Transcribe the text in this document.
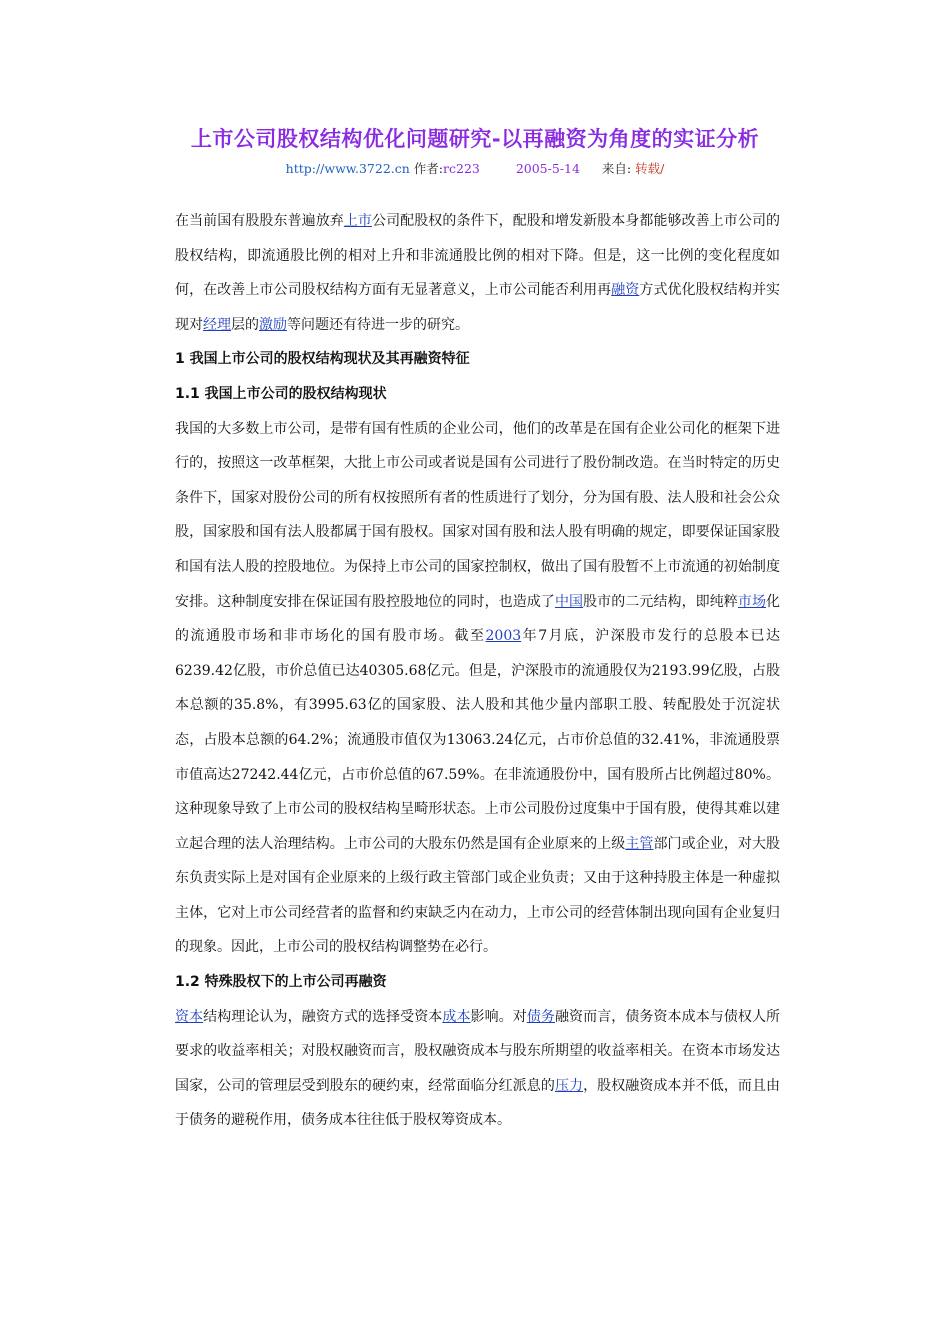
上市公司股权结构优化问题研究-以再融资为角度的实证分析
http://www.3722.cn 作者:rc223	2005-5-14 来自: 转载/

在当前国有股股东普遍放弃上市公司配股权的条件下，配股和增发新股本身都能够改善上市公司的股权结构，即流通股比例的相对上升和非流通股比例的相对下降。但是，这一比例的变化程度如何，在改善上市公司股权结构方面有无显著意义，上市公司能否利用再融资方式优化股权结构并实现对经理层的激励等问题还有待进一步的研究。

1 我国上市公司的股权结构现状及其再融资特征
1.1 我国上市公司的股权结构现状

我国的大多数上市公司，是带有国有性质的企业公司，他们的改革是在国有企业公司化的框架下进行的，按照这一改革框架，大批上市公司或者说是国有公司进行了股份制改造。在当时特定的历史条件下，国家对股份公司的所有权按照所有者的性质进行了划分，分为国有股、法人股和社会公众股，国家股和国有法人股都属于国有股权。国家对国有股和法人股有明确的规定，即要保证国家股和国有法人股的控股地位。为保持上市公司的国家控制权，做出了国有股暂不上市流通的初始制度安排。这种制度安排在保证国有股控股地位的同时，也造成了中国股市的二元结构，即纯粹市场化的流通股市场和非市场化的国有股市场。截至2003年7月底，沪深股市发行的总股本已达6239.42亿股，市价总值已达40305.68亿元。但是，沪深股市的流通股仅为2193.99亿股，占股本总额的35.8%，有3995.63亿的国家股、法人股和其他少量内部职工股、转配股处于沉淀状态，占股本总额的64.2%；流通股市值仅为13063.24亿元，占市价总值的32.41%，非流通股票市值高达27242.44亿元，占市价总值的67.59%。在非流通股份中，国有股所占比例超过80%。这种现象导致了上市公司的股权结构呈畸形状态。上市公司股份过度集中于国有股，使得其难以建立起合理的法人治理结构。上市公司的大股东仍然是国有企业原来的上级主管部门或企业，对大股东负责实际上是对国有企业原来的上级行政主管部门或企业负责；又由于这种持股主体是一种虚拟主体，它对上市公司经营者的监督和约束缺乏内在动力，上市公司的经营体制出现向国有企业复归的现象。因此，上市公司的股权结构调整势在必行。

1.2 特殊股权下的上市公司再融资

资本结构理论认为，融资方式的选择受资本成本影响。对债务融资而言，债务资本成本与债权人所要求的收益率相关；对股权融资而言，股权融资成本与股东所期望的收益率相关。在资本市场发达国家，公司的管理层受到股东的硬约束，经常面临分红派息的压力，股权融资成本并不低，而且由于债务的避税作用，债务成本往往低于股权筹资成本。
